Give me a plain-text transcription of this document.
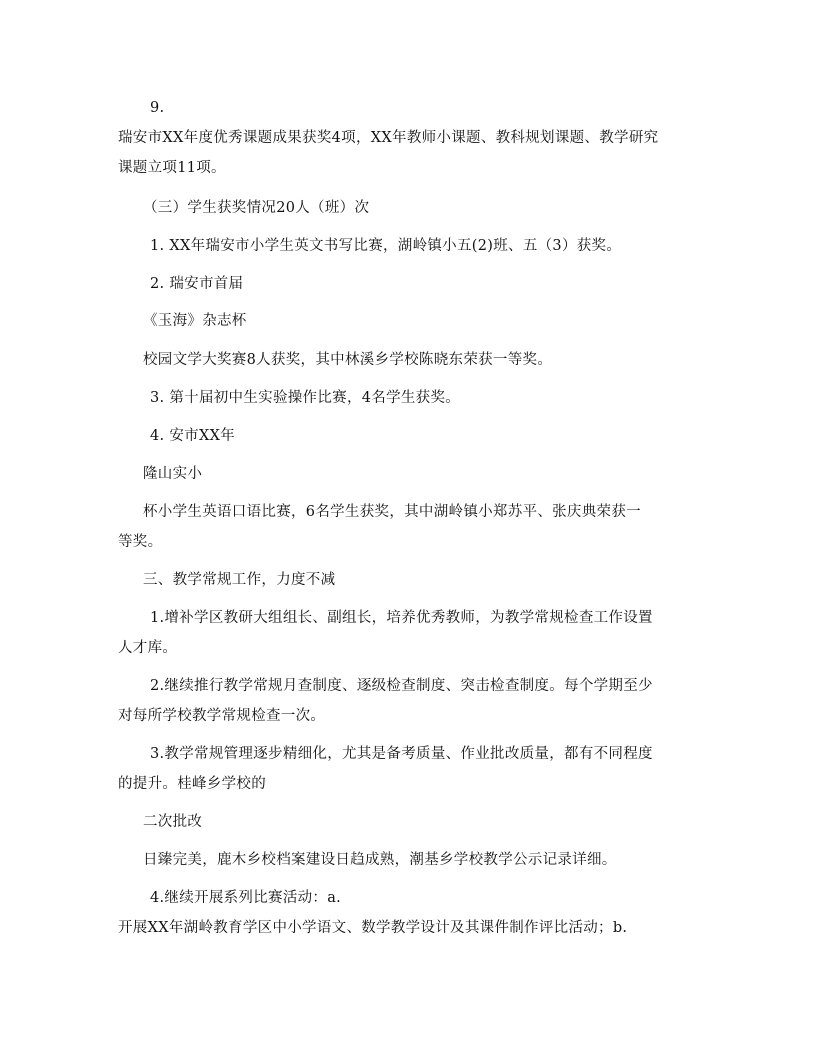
9.
瑞安市XX年度优秀课题成果获奖4项，XX年教师小课题、教科规划课题、教学研究
课题立项11项。
（三）学生获奖情况20人（班）次
1. XX年瑞安市小学生英文书写比赛，湖岭镇小五(2)班、五（3）获奖。
2. 瑞安市首届
《玉海》杂志杯
校园文学大奖赛8人获奖，其中林溪乡学校陈晓东荣获一等奖。
3. 第十届初中生实验操作比赛，4名学生获奖。
4. 安市XX年
隆山实小
杯小学生英语口语比赛，6名学生获奖，其中湖岭镇小郑苏平、张庆典荣获一
等奖。
三、教学常规工作，力度不减
1.增补学区教研大组组长、副组长，培养优秀教师，为教学常规检查工作设置
人才库。
2.继续推行教学常规月查制度、逐级检查制度、突击检查制度。每个学期至少
对每所学校教学常规检查一次。
3.教学常规管理逐步精细化，尤其是备考质量、作业批改质量，都有不同程度
的提升。桂峰乡学校的
二次批改
日臻完美，鹿木乡校档案建设日趋成熟，潮基乡学校教学公示记录详细。
4.继续开展系列比赛活动：a.
开展XX年湖岭教育学区中小学语文、数学教学设计及其课件制作评比活动；b.
